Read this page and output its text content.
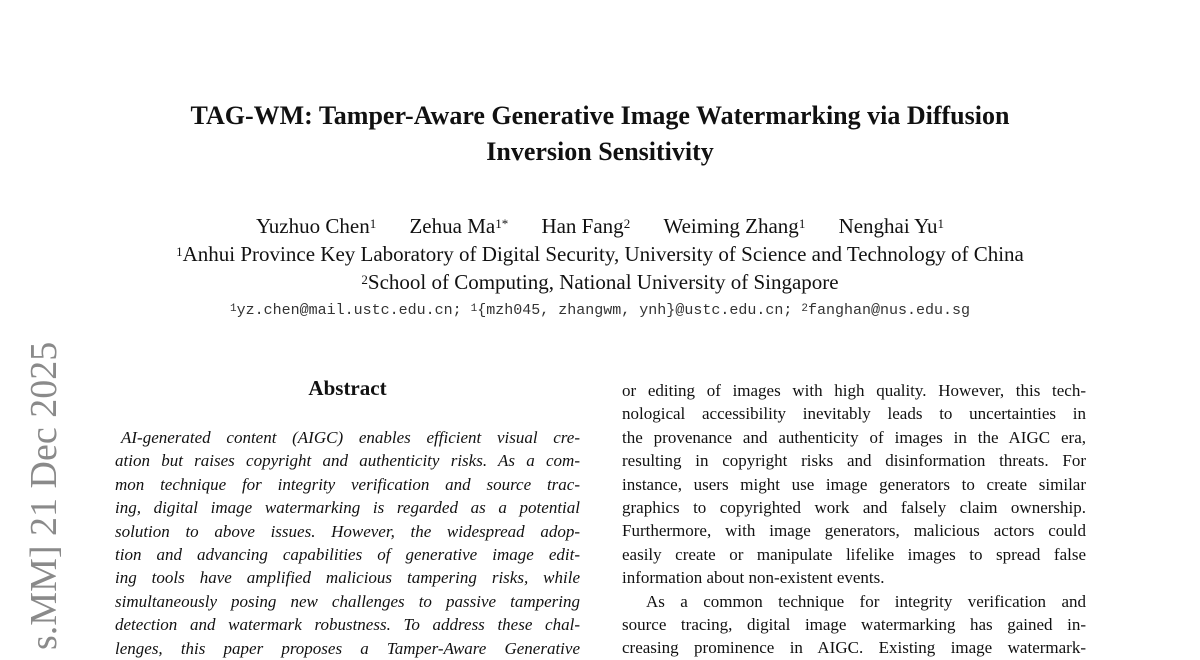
s.MM] 21 Dec 2025
TAG-WM: Tamper-Aware Generative Image Watermarking via Diffusion
Inversion Sensitivity
Yuzhuo Chen$^1$ Zehua $Ma^{1*}$ Han Fang$^2$ Weiming Zhang$^1$ Nenghai Yu$^1$
$^1$Anhui Province Key Laboratory of Digital Security, University of Science and Technology of China
$^2$School of Computing, National University of Singapore
$^1$yz.chen@mail.ustc.edu.cn; $^1${mzh045, zhangwm, ynh}@ustc.edu.cn; $^2$fanghan@nus.edu.sg
Abstract
AI-generated content (AIGC) enables efficient visual cre-
ation but raises copyright and authenticity risks. As a com-
mon technique for integrity verification and source trac-
ing, digital image watermarking is regarded as a potential
solution to above issues. However, the widespread adop-
tion and advancing capabilities of generative image edit-
ing tools have amplified malicious tampering risks, while
simultaneously posing new challenges to passive tampering
detection and watermark robustness. To address these chal-
lenges, this paper proposes a Tamper-Aware Generative
or editing of images with high quality. However, this tech-
nological accessibility inevitably leads to uncertainties in
the provenance and authenticity of images in the AIGC era,
resulting in copyright risks and disinformation threats. For
instance, users might use image generators to create similar
graphics to copyrighted work and falsely claim ownership.
Furthermore, with image generators, malicious actors could
easily create or manipulate lifelike images to spread false
information about non-existent events.
As a common technique for integrity verification and
source tracing, digital image watermarking has gained in-
creasing prominence in AIGC. Existing image watermark-
